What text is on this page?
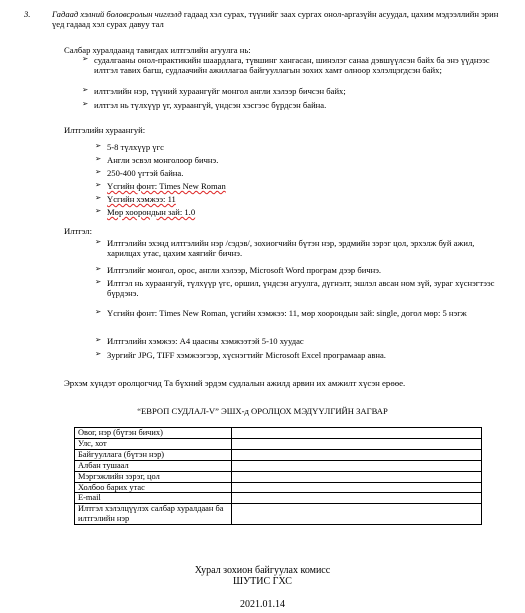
3.	Гадаад хэлний боловсролын чиглэлд гадаад хэл сурах, түүнийг заах сургах онол-аргазүйн асуудал, цахим мэдээллийн эрин үед гадаад хэл сурах давуу тал
Салбар хуралдаанд тавигдах илтгэлийн агуулга нь:
➢ судалгааны онол-практикийн шаардлага, түвшинг хангасан, шинэлэг санаа дэвшүүлсэн байх ба энэ үүднээс илтгэл тавих багш, судлаачийн ажиллагаа байгууллагын зохих хамт олноор хэлэлцэгдсэн байх;
➢ илтгэлийн нэр, түүний хураангүйг монгол англи хэлээр бичсэн байх;
➢ илтгэл нь түлхүүр үг, хураангүй, үндсэн хэсгээс бүрдсэн байна.
Илтгэлийн хураангуй:
➢ 5-8 түлхүүр үгс
➢ Англи эсвэл монголоор бичнэ.
➢ 250-400 үгтэй байна.
➢ Үсгийн фонт: Times New Roman
➢ Үсгийн хэмжээ: 11
➢ Мөр хоорондын зай: 1.0
Илтгэл:
➢ Илтгэлийн эхэнд илтгэлийн нэр /сэдэв/, зохиогчийн бүтэн нэр, эрдмийн зэрэг цол, эрхэлж буй ажил, харилцах утас, цахим хаягийг бичнэ.
➢ Илтгэлийг монгол, орос, англи хэлээр, Microsoft Word програм дээр бичнэ.
➢ Илтгэл нь хураангуй, түлхүүр үгс, оршил, үндсэн агуулга, дүгнэлт, эшлэл авсан ном зүй, зураг хүснэгтээс бүрдэнэ.
➢ Үсгийн фонт: Times New Roman, үсгийн хэмжээ: 11, мөр хоорондын зай: single, догол мөр: 5 нэгж
➢ Илтгэлийн хэмжээ: А4 цаасны хэмжээтэй 5-10 хуудас
➢ Зургийг JPG, TIFF хэмжээгээр, хүснэгтийг Microsoft Excel програмаар авна.
Эрхэм хүндэт оролцогчид Та бүхний эрдэм судлалын ажилд арвин их амжилт хүсэн ерөөе.
“ЕВРОП СУДЛАЛ-V” ЭШХ-д ОРОЛЦОХ МЭДҮҮЛГИЙН ЗАГВАР
Овог, нэр (бүтэн бичих)	
Улс, хот	
Байгууллага (бүтэн нэр)	
Албан тушаал	
Мэргэжлийн зэрэг, цол	
Холбоо барих утас	
E-mail	
Илтгэл хэлэлцүүлэх салбар хуралдаан ба илтгэлийн нэр	
Хурал зохион байгуулах комисс
ШУТИС ГХС
2021.01.14
